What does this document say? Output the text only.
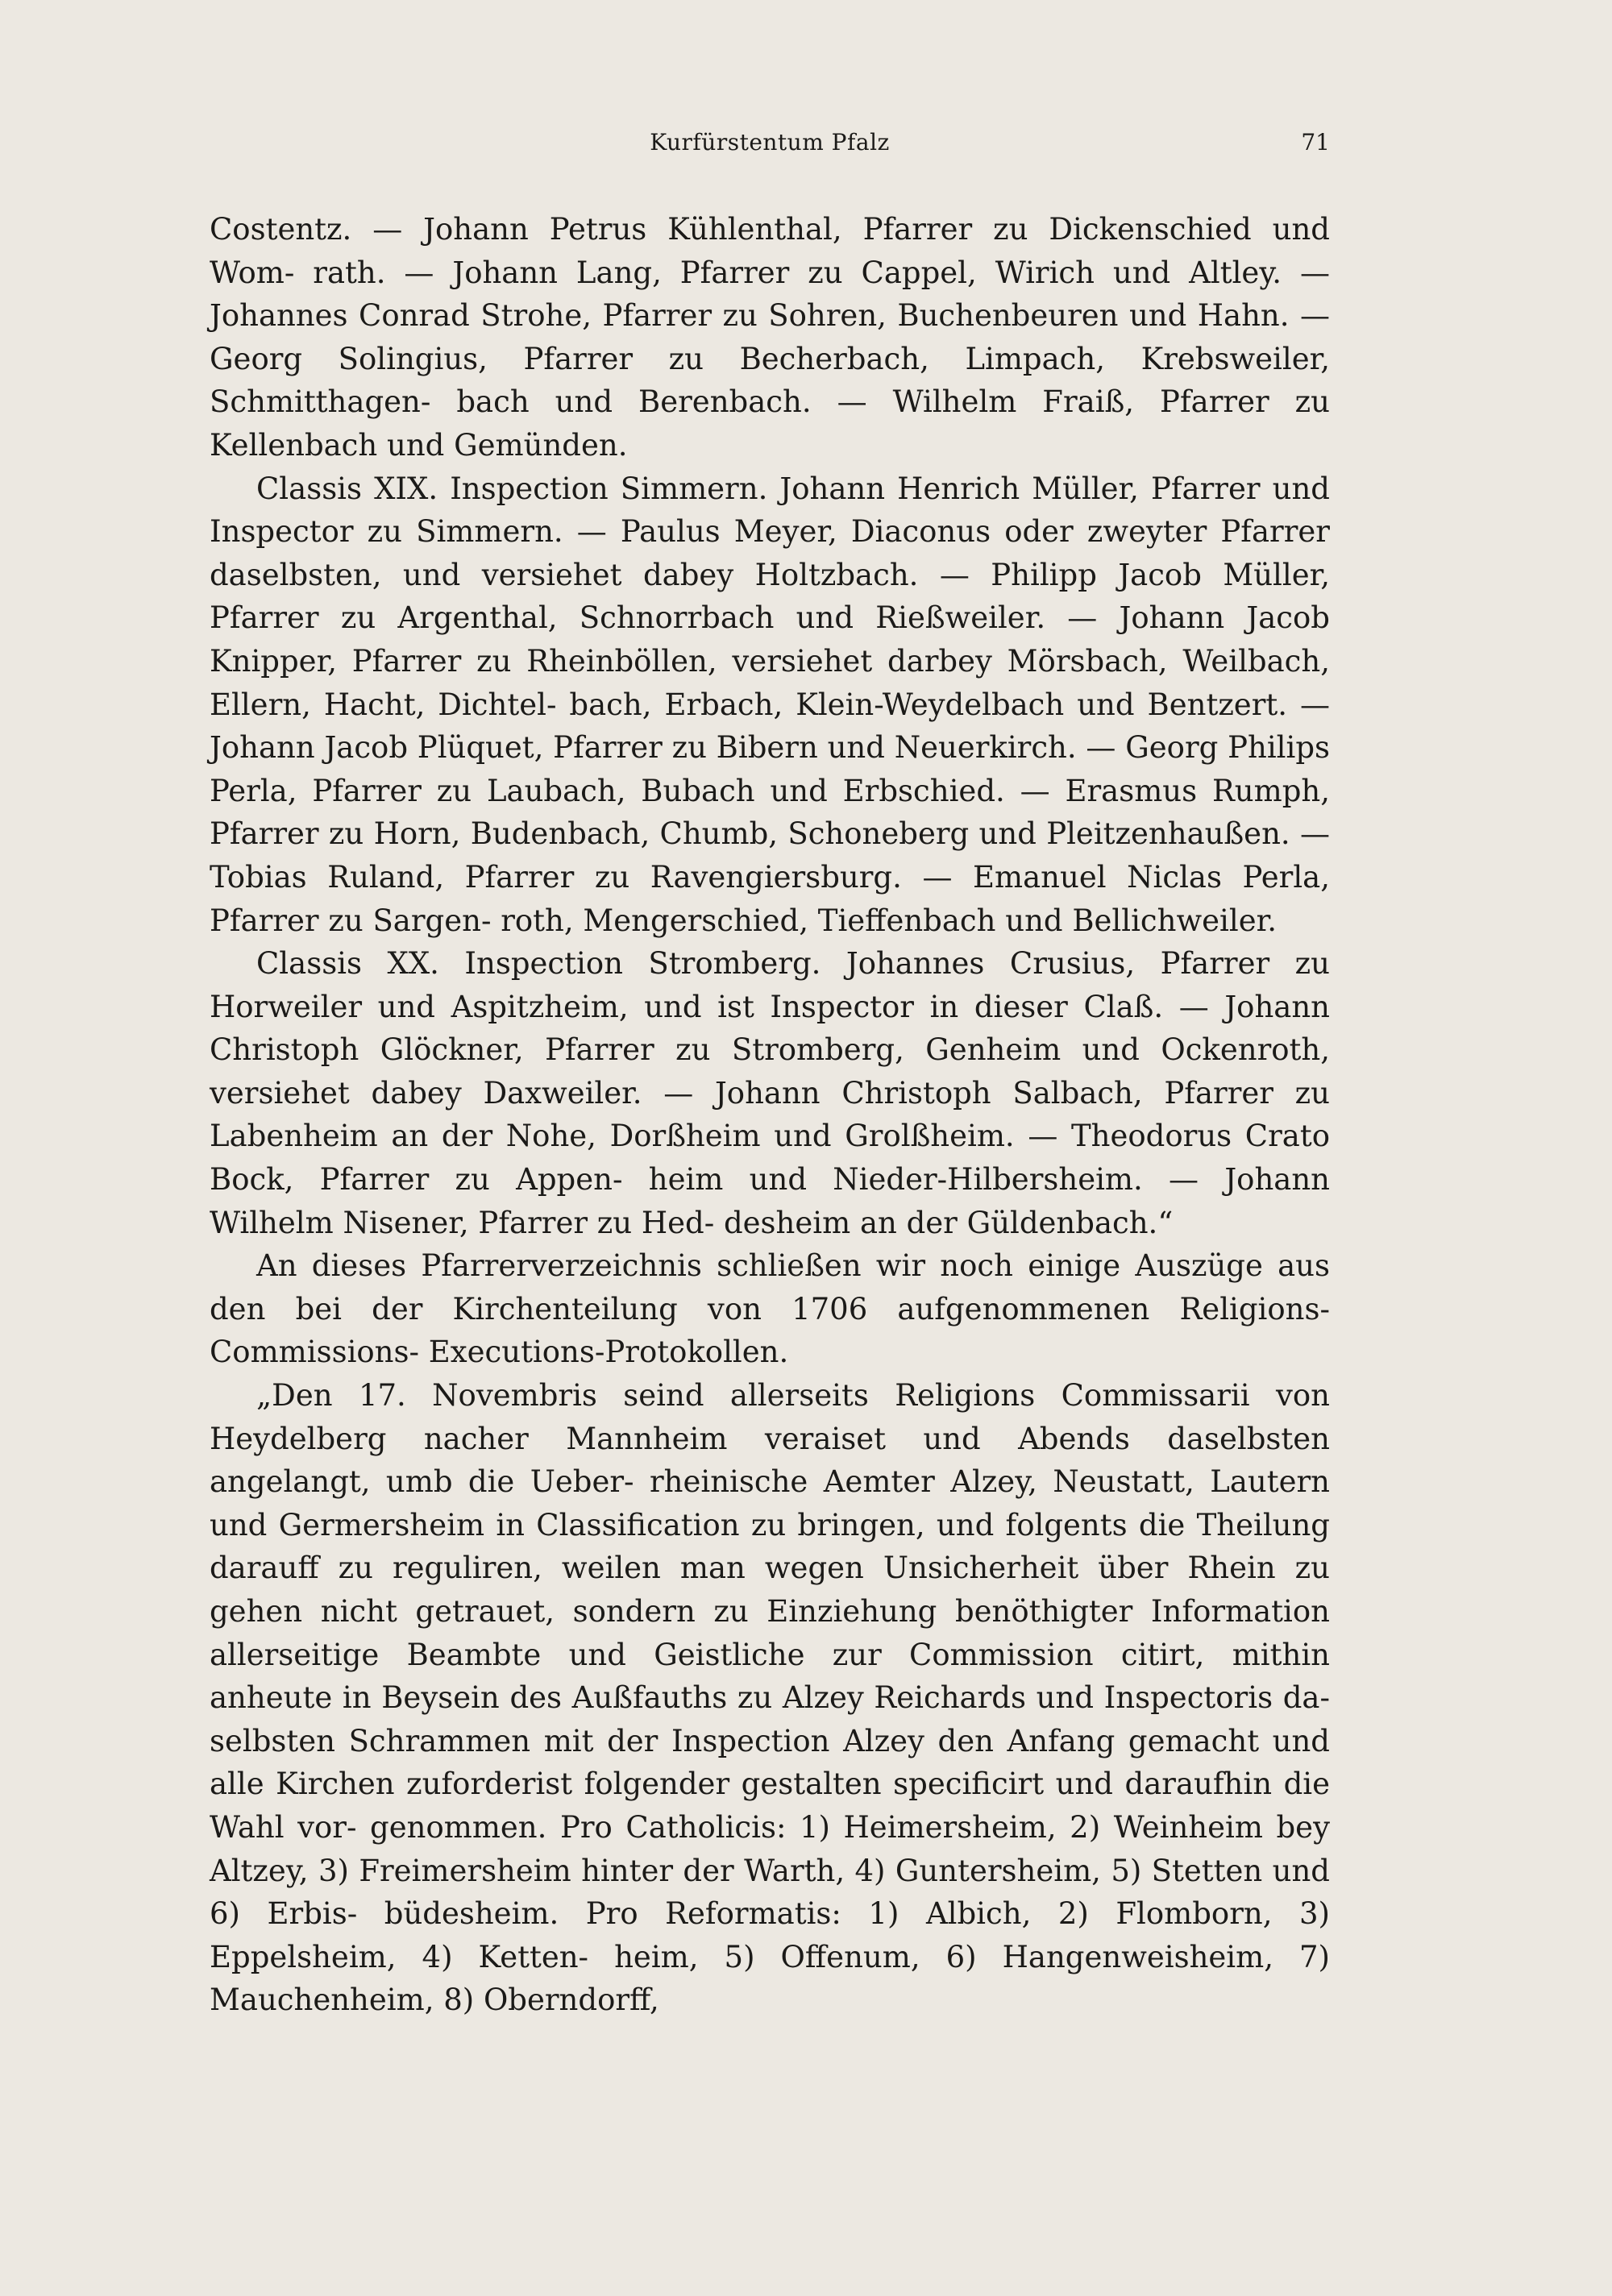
Kurfürstentum Pfalz	71

Costentz. — Johann Petrus Kühlenthal, Pfarrer zu Dickenschied und Wom- rath. — Johann Lang, Pfarrer zu Cappel, Wirich und Altley. — Johannes Conrad Strohe, Pfarrer zu Sohren, Buchenbeuren und Hahn. — Georg Solingius, Pfarrer zu Becherbach, Limpach, Krebsweiler, Schmitthagen- bach und Berenbach. — Wilhelm Fraiß, Pfarrer zu Kellenbach und Gemünden.

Classis XIX. Inspection Simmern. Johann Henrich Müller, Pfarrer und Inspector zu Simmern. — Paulus Meyer, Diaconus oder zweyter Pfarrer daselbsten, und versiehet dabey Holtzbach. — Philipp Jacob Müller, Pfarrer zu Argenthal, Schnorrbach und Rießweiler. — Johann Jacob Knipper, Pfarrer zu Rheinböllen, versiehet darbey Mörsbach, Weilbach, Ellern, Hacht, Dichtel- bach, Erbach, Klein-Weydelbach und Bentzert. — Johann Jacob Plüquet, Pfarrer zu Bibern und Neuerkirch. — Georg Philips Perla, Pfarrer zu Laubach, Bubach und Erbschied. — Erasmus Rumph, Pfarrer zu Horn, Budenbach, Chumb, Schoneberg und Pleitzenhaußen. — Tobias Ruland, Pfarrer zu Ravengiersburg. — Emanuel Niclas Perla, Pfarrer zu Sargen- roth, Mengerschied, Tieffenbach und Bellichweiler.

Classis XX. Inspection Stromberg. Johannes Crusius, Pfarrer zu Horweiler und Aspitzheim, und ist Inspector in dieser Claß. — Johann Christoph Glöckner, Pfarrer zu Stromberg, Genheim und Ockenroth, versiehet dabey Daxweiler. — Johann Christoph Salbach, Pfarrer zu Labenheim an der Nohe, Dorßheim und Grolßheim. — Theodorus Crato Bock, Pfarrer zu Appen- heim und Nieder-Hilbersheim. — Johann Wilhelm Nisener, Pfarrer zu Hed- desheim an der Güldenbach.“

An dieses Pfarrerverzeichnis schließen wir noch einige Auszüge aus den bei der Kirchenteilung von 1706 aufgenommenen Religions-Commissions- Executions-Protokollen.

„Den 17. Novembris seind allerseits Religions Commissarii von Heydelberg nacher Mannheim veraiset und Abends daselbsten angelangt, umb die Ueber- rheinische Aemter Alzey, Neustatt, Lautern und Germersheim in Classification zu bringen, und folgents die Theilung darauff zu reguliren, weilen man wegen Unsicherheit über Rhein zu gehen nicht getrauet, sondern zu Einziehung benöthigter Information allerseitige Beambte und Geistliche zur Commission citirt, mithin anheute in Beysein des Außfauths zu Alzey Reichards und Inspectoris da- selbsten Schrammen mit der Inspection Alzey den Anfang gemacht und alle Kirchen zuforderist folgender gestalten specificirt und daraufhin die Wahl vor- genommen. Pro Catholicis: 1) Heimersheim, 2) Weinheim bey Altzey, 3) Freimersheim hinter der Warth, 4) Guntersheim, 5) Stetten und 6) Erbis- büdesheim. Pro Reformatis: 1) Albich, 2) Flomborn, 3) Eppelsheim, 4) Ketten- heim, 5) Offenum, 6) Hangenweisheim, 7) Mauchenheim, 8) Oberndorff,
